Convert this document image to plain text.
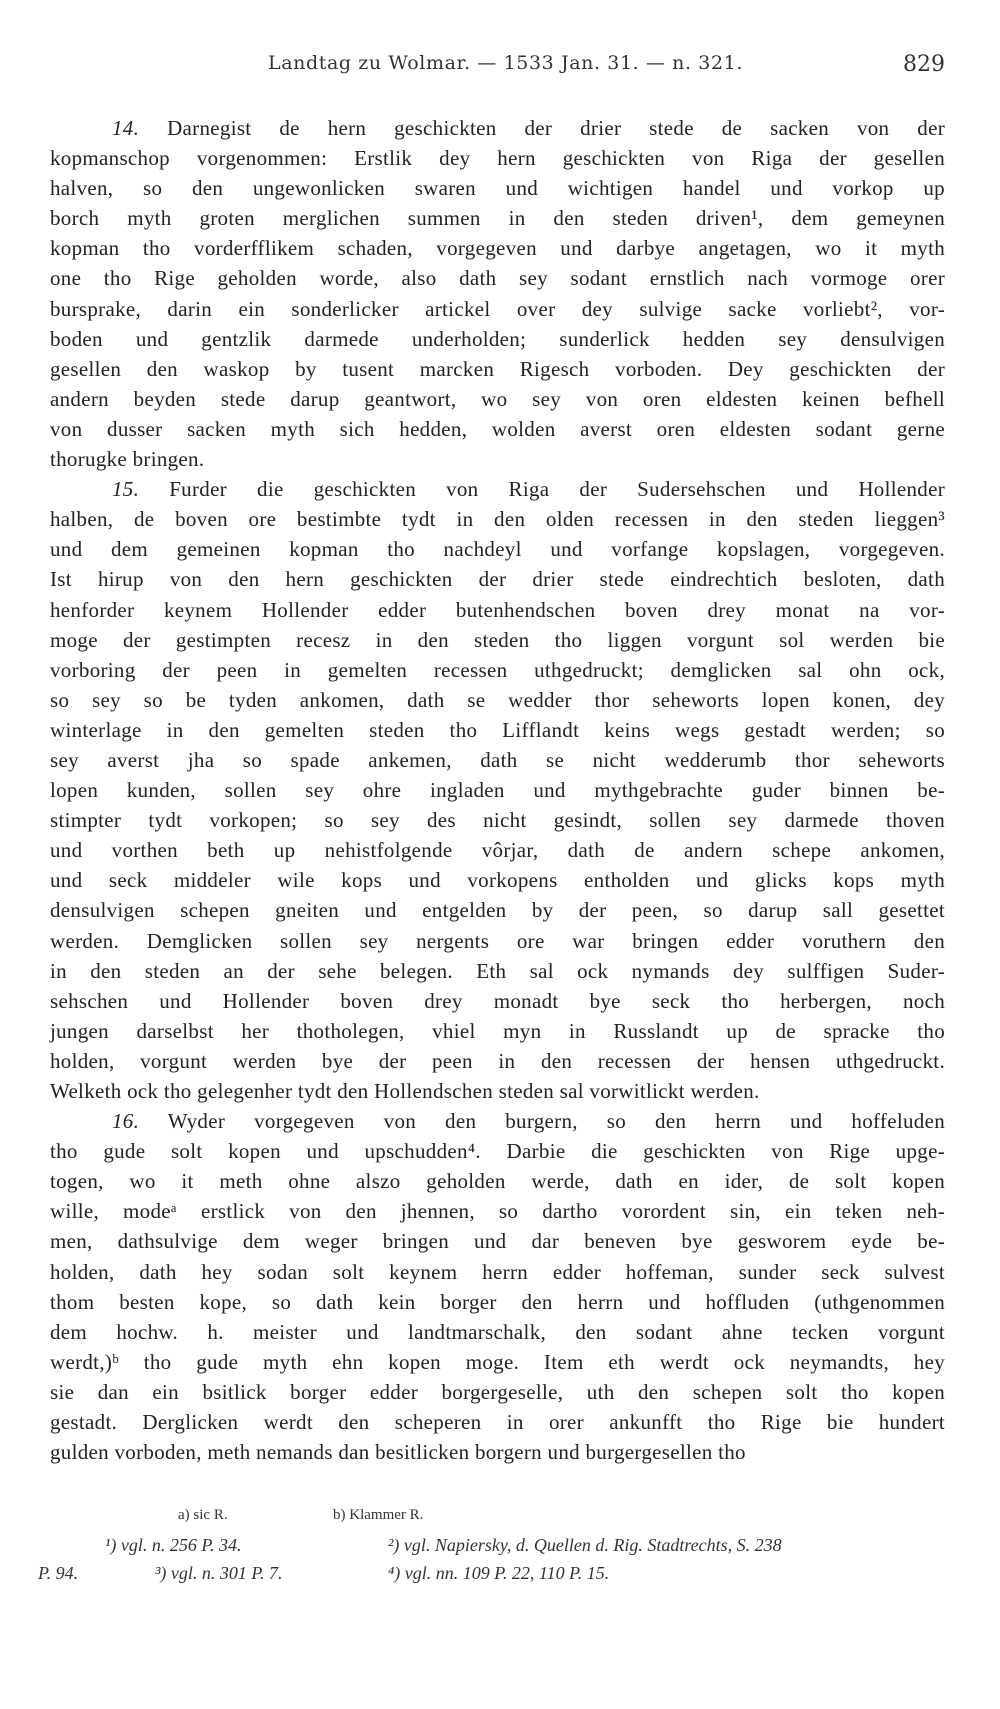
Landtag zu Wolmar. — 1533 Jan. 31. — n. 321.	829
14. Darnegist de hern geschickten der drier stede de sacken von der
kopmanschop vorgenommen: Erstlik dey hern geschickten von Riga der gesellen
halven, so den ungewonlicken swaren und wichtigen handel und vorkop up
borch myth groten merglichen summen in den steden driven¹, dem gemeynen
kopman tho vorderfflikem schaden, vorgegeven und darbye angetagen, wo it myth
one tho Rige geholden worde, also dath sey sodant ernstlich nach vormoge orer
bursprake, darin ein sonderlicker artickel over dey sulvige sacke vorliebt², vor-
boden und gentzlik darmede underholden; sunderlick hedden sey densulvigen
gesellen den waskop by tusent marcken Rigesch vorboden. Dey geschickten der
andern beyden stede darup geantwort, wo sey von oren eldesten keinen befhell
von dusser sacken myth sich hedden, wolden averst oren eldesten sodant gerne
thorugke bringen.
15. Furder die geschickten von Riga der Sudersehschen und Hollender
halben, de boven ore bestimbte tydt in den olden recessen in den steden lieggen³
und dem gemeinen kopman tho nachdeyl und vorfange kopslagen, vorgegeven.
Ist hirup von den hern geschickten der drier stede eindrechtich besloten, dath
henforder keynem Hollender edder butenhendschen boven drey monat na vor-
moge der gestimpten recesz in den steden tho liggen vorgunt sol werden bie
vorboring der peen in gemelten recessen uthgedruckt; demglicken sal ohn ock,
so sey so be tyden ankomen, dath se wedder thor seheworts lopen konen, dey
winterlage in den gemelten steden tho Lifflandt keins wegs gestadt werden; so
sey averst jha so spade ankemen, dath se nicht wedderumb thor seheworts
lopen kunden, sollen sey ohre ingladen und mythgebrachte guder binnen be-
stimpter tydt vorkopen; so sey des nicht gesindt, sollen sey darmede thoven
und vorthen beth up nehistfolgende vôrjar, dath de andern schepe ankomen,
und seck middeler wile kops und vorkopens entholden und glicks kops myth
densulvigen schepen gneiten und entgelden by der peen, so darup sall gesettet
werden. Demglicken sollen sey nergents ore war bringen edder voruthern den
in den steden an der sehe belegen. Eth sal ock nymands dey sulffigen Suder-
sehschen und Hollender boven drey monadt bye seck tho herbergen, noch
jungen darselbst her thotholegen, vhiel myn in Russlandt up de spracke tho
holden, vorgunt werden bye der peen in den recessen der hensen uthgedruckt.
Welketh ock tho gelegenher tydt den Hollendschen steden sal vorwitlickt werden.
16. Wyder vorgegeven von den burgern, so den herrn und hoffeluden
tho gude solt kopen und upschudden⁴. Darbie die geschickten von Rige upge-
togen, wo it meth ohne alszo geholden werde, dath en ider, de solt kopen
wille, modeᵃ erstlick von den jhennen, so dartho vorordent sin, ein teken neh-
men, dathsulvige dem weger bringen und dar beneven bye gesworem eyde be-
holden, dath hey sodan solt keynem herrn edder hoffeman, sunder seck sulvest
thom besten kope, so dath kein borger den herrn und hoffluden (uthgenommen
dem hochw. h. meister und landtmarschalk, den sodant ahne tecken vorgunt
werdt,)ᵇ tho gude myth ehn kopen moge. Item eth werdt ock neymandts, hey
sie dan ein bsitlick borger edder borgergeselle, uth den schepen solt tho kopen
gestadt. Derglicken werdt den scheperen in orer ankunfft tho Rige bie hundert
gulden vorboden, meth nemands dan besitlicken borgern und burgergesellen tho
a) sic R.	b) Klammer R.
¹) vgl. n. 256 P. 34.	²) vgl. Napiersky, d. Quellen d. Rig. Stadtrechts, S. 238
P. 94.	³) vgl. n. 301 P. 7.	⁴) vgl. nn. 109 P. 22, 110 P. 15.
